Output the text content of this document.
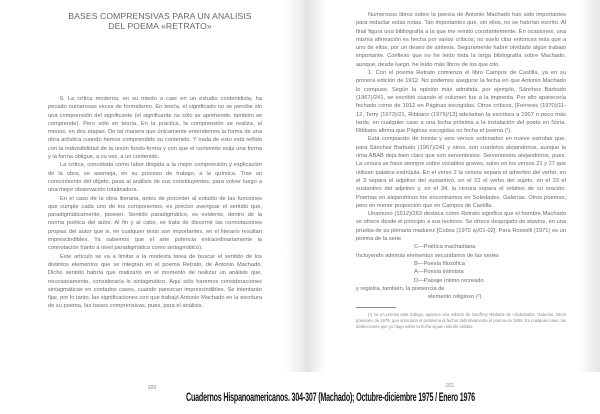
BASES COMPRENSIVAS PARA UN ANALISIS
DEL POEMA «RETRATO»

6. La crítica moderna, en su miedo a caer en un estudio contenidista, ha pecado numerosas veces de formalismo. En teoría, el significado no se percibe sin una comprensión del significante (el significante no sólo se aprehende, también se comprende). Pero sólo en teoría. En la práctica, la comprensión se realiza, al menos, en dos etapas. De tal manera que únicamente entendemos la forma de una obra artística cuando hemos comprendido su contenido. Y nada de esto está reñido con la indivisibilidad de la unión fondo-forma y con que el contenido exija una forma y la forma obligue, a su vez, a un contenido.

La crítica, concebida como labor dirigida a la mejor comprensión y explicación de la obra, se asemeja, en su proceso de trabajo, a la química. Tras un conocimiento del objeto, pasa al análisis de sus constituyentes, para volver luego a una mejor observación totalizadora.

En el caso de la obra literaria, antes de proceder al estudio de las funciones que cumple cada uno de los componentes, es preciso averiguar el sentido que, paradigmáticamente, poseen. Sentido paradigmático, es evidente, dentro de la norma poética del autor. Al fin y al cabo, se trata de discernir las connotaciones propias del autor que si, en cualquier texto son importantes, en el literario resultan imprescindibles. Ya sabemos que el arte potencia extraordinariamente la connotación (tanto a nivel paradigmático como sintagmático).

Este artículo se va a limitar a la modesta tarea de buscar el sentido de los distintos elementos que se integran en el poema Retrato, de Antonio Machado. Dicho sentido habría que matizarlo en el momento de realizar un análisis que, necesariamente, consideraría lo sintagmático. Aquí sólo haremos consideraciones sintagmáticas en contados casos, cuando parezcan imprescindibles. Se intentarán fijar, por lo tanto, las significaciones con que trabajó Antonio Machado en la escritura de su poema, las bases comprensivas, pues, para el análisis.

920

Numerosos libros sobre la poesía de Antonio Machado han sido importantes para redactar estas notas. Tan importantes que, sin ellos, no se habrían escrito. Al final figura una bibliografía a la que me remito constantemente. En ocasiones, una misma afirmación es hecha por varios críticos; no suelo citar entonces más que a uno de ellos, por un deseo de síntesis. Seguramente habré olvidado algún trabajo importante. Confieso que no he leído toda la larga bibliografía sobre Machado, aunque, desde luego, he leído más libros de los que cito.

1. Con el poema Retrato comienza el libro Campos de Castilla, ya en su primera edición de 1912. No podemos asegurar la fecha en que Antonio Machado lo compuso. Según la opinión más admitida, por ejemplo, Sánchez Barbudo (1967)/241, se escribió cuando el volumen fue a la imprenta. Por ello aparecería fechado como de 1912 en Páginas escogidas. Otros críticos, [Ferreres (1970)/11-12, Terry (1973)/21, Ribbans (1975)/13] adelantan la escritura a 1907 o poco más tarde, en cualquier caso a una fecha próxima a la instalación del poeta en Soria. Ribbans afirma que Páginas escogidas no fecha el poema (¹).

Está compuesto de treinta y seis versos ordenados en nueve estrofas que, para Sánchez Barbudo (1967)/241 y otros, son cuartetos alejandrinos, aunque la rima ABAB deja bien claro que son serventesios. Serventesios alejandrinos, pues. La cesura se hace siempre sobre vocablos graves, salvo en los versos 21 y 27 que utilizan palabra esdrújula. En el verso 2 la cesura separa el adverbio del verbo, en el 3 separa el adjetivo del sustantivo, en el 22 el verbo del sujeto, en el 23 el sustantivo del adjetivo y, en el 34, la cesura separa el relativo de su oración. Poemas en alejandrinos los encontramos en Soledades. Galerías. Otros poemas, pero en menor proporción que en Campos de Castilla.

Unamuno (1912)/263 destaca cómo Retrato significa que el hombre Machado se ofrece desde el principio a sus lectores. Se ofrece despojado de atavíos, en una prueba de su plenaria madurez [Cobos (1972 a)/01-02]. Para Rosselli (1971) es un poema de la serie

C—Poética machadiana

Incluyendo además elementos secundarios de las series

B—Poesía filosófica

A—Poesía intimista

D—Paisaje íntimo recreado

y registra, también, la presencia de

elemento religioso (²).

(¹) Ya en prensa este trabajo, aparece una edición de Geoffrey Ribbans de «Soledades. Galerías. Otros poemas» de 1975, que soluciona el problema al fechar definitivamente el poema en 1906. En cualquier caso, las deducciones que yo hago sobre la fecha siguen siendo válidas.

921
Cuadernos Hispanoamericanos. 304-307 (Machado); Octubre-diciembre 1975 / Enero 1976
